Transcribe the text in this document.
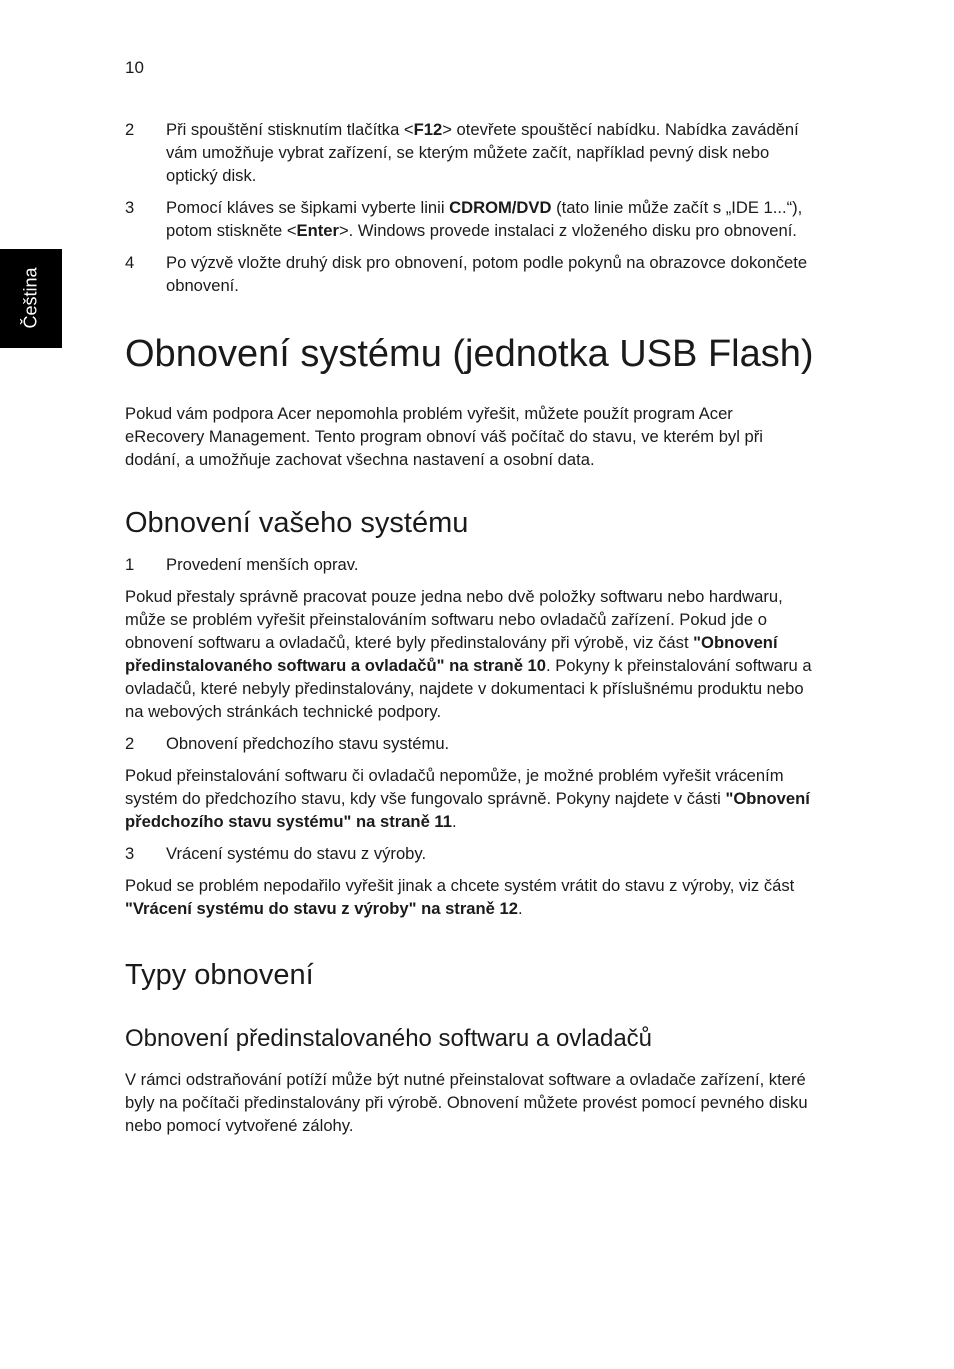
10
Čeština
2	Při spouštění stisknutím tlačítka <F12> otevřete spouštěcí nabídku. Nabídka zavádění vám umožňuje vybrat zařízení, se kterým můžete začít, například pevný disk nebo optický disk.
3	Pomocí kláves se šipkami vyberte linii CDROM/DVD (tato linie může začít s „IDE 1...“), potom stiskněte <Enter>. Windows provede instalaci z vloženého disku pro obnovení.
4	Po výzvě vložte druhý disk pro obnovení, potom podle pokynů na obrazovce dokončete obnovení.
Obnovení systému (jednotka USB Flash)

Pokud vám podpora Acer nepomohla problém vyřešit, můžete použít program Acer eRecovery Management. Tento program obnoví váš počítač do stavu, ve kterém byl při dodání, a umožňuje zachovat všechna nastavení a osobní data.

Obnovení vašeho systému
1	Provedení menších oprav.

Pokud přestaly správně pracovat pouze jedna nebo dvě položky softwaru nebo hardwaru, může se problém vyřešit přeinstalováním softwaru nebo ovladačů zařízení. Pokud jde o obnovení softwaru a ovladačů, které byly předinstalovány při výrobě, viz část "Obnovení předinstalovaného softwaru a ovladačů" na straně 10. Pokyny k přeinstalování softwaru a ovladačů, které nebyly předinstalovány, najdete v dokumentaci k příslušnému produktu nebo na webových stránkách technické podpory.

2	Obnovení předchozího stavu systému.

Pokud přeinstalování softwaru či ovladačů nepomůže, je možné problém vyřešit vrácením systém do předchozího stavu, kdy vše fungovalo správně. Pokyny najdete v části "Obnovení předchozího stavu systému" na straně 11.

3	Vrácení systému do stavu z výroby.

Pokud se problém nepodařilo vyřešit jinak a chcete systém vrátit do stavu z výroby, viz část "Vrácení systému do stavu z výroby" na straně 12.

Typy obnovení
Obnovení předinstalovaného softwaru a ovladačů

V rámci odstraňování potíží může být nutné přeinstalovat software a ovladače zařízení, které byly na počítači předinstalovány při výrobě. Obnovení můžete provést pomocí pevného disku nebo pomocí vytvořené zálohy.
